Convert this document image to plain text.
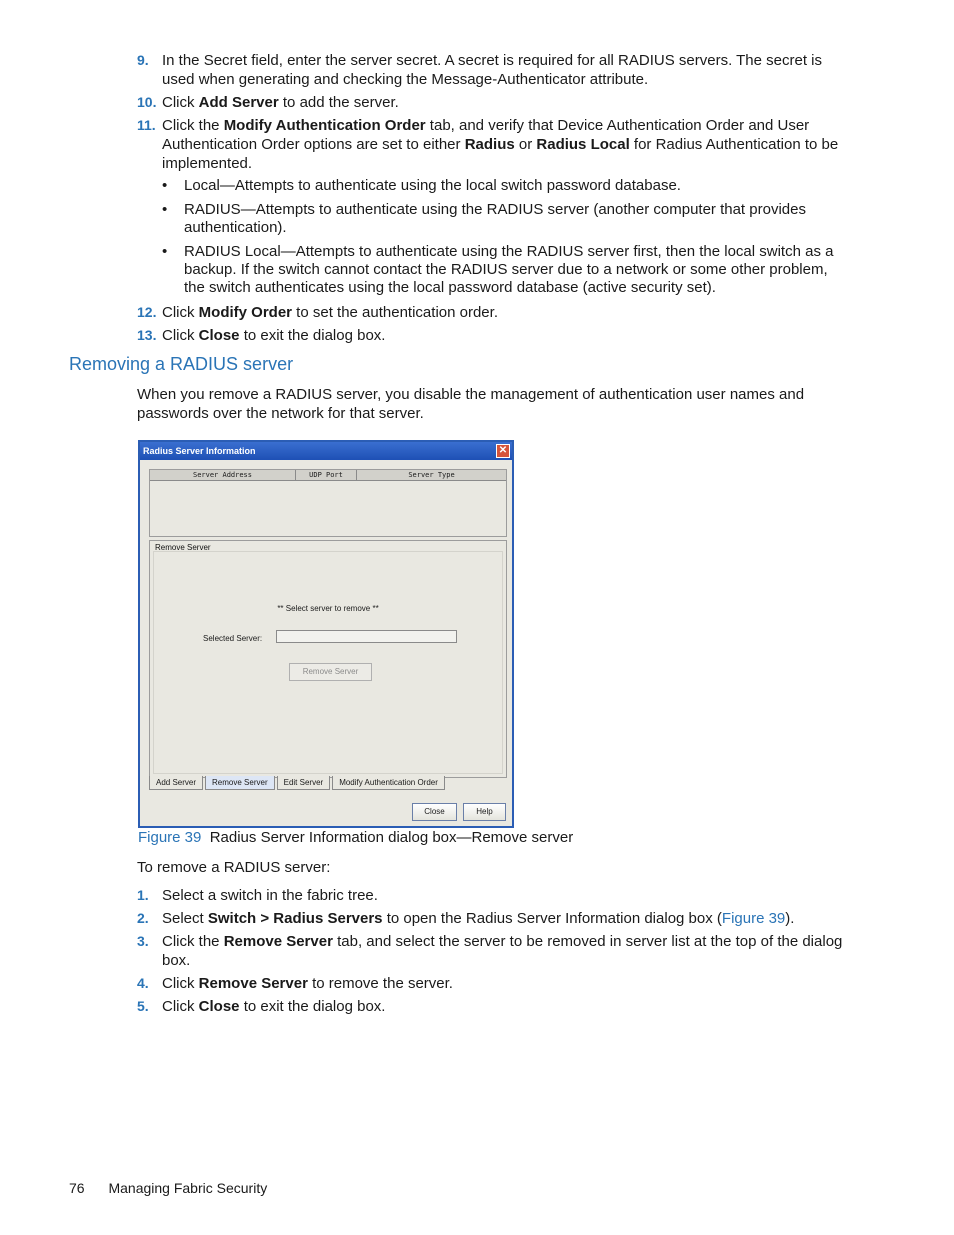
9. In the Secret field, enter the server secret. A secret is required for all RADIUS servers. The secret is used when generating and checking the Message-Authenticator attribute.
10. Click Add Server to add the server.
11. Click the Modify Authentication Order tab, and verify that Device Authentication Order and User Authentication Order options are set to either Radius or Radius Local for Radius Authentication to be implemented.
• Local—Attempts to authenticate using the local switch password database.
• RADIUS—Attempts to authenticate using the RADIUS server (another computer that provides authentication).
• RADIUS Local—Attempts to authenticate using the RADIUS server first, then the local switch as a backup. If the switch cannot contact the RADIUS server due to a network or some other problem, the switch authenticates using the local password database (active security set).
12. Click Modify Order to set the authentication order.
13. Click Close to exit the dialog box.
Removing a RADIUS server
When you remove a RADIUS server, you disable the management of authentication user names and passwords over the network for that server.
Radius Server Information	✕
Server Address	UDP Port	Server Type
** Select server to remove **
Selected Server:
Remove Server
Remove Server
Add Server	Remove Server	Edit Server	Modify Authentication Order
Close	Help
Figure 39  Radius Server Information dialog box—Remove server
To remove a RADIUS server:
1. Select a switch in the fabric tree.
2. Select Switch > Radius Servers to open the Radius Server Information dialog box (Figure 39).
3. Click the Remove Server tab, and select the server to be removed in server list at the top of the dialog box.
4. Click Remove Server to remove the server.
5. Click Close to exit the dialog box.
76 Managing Fabric Security
